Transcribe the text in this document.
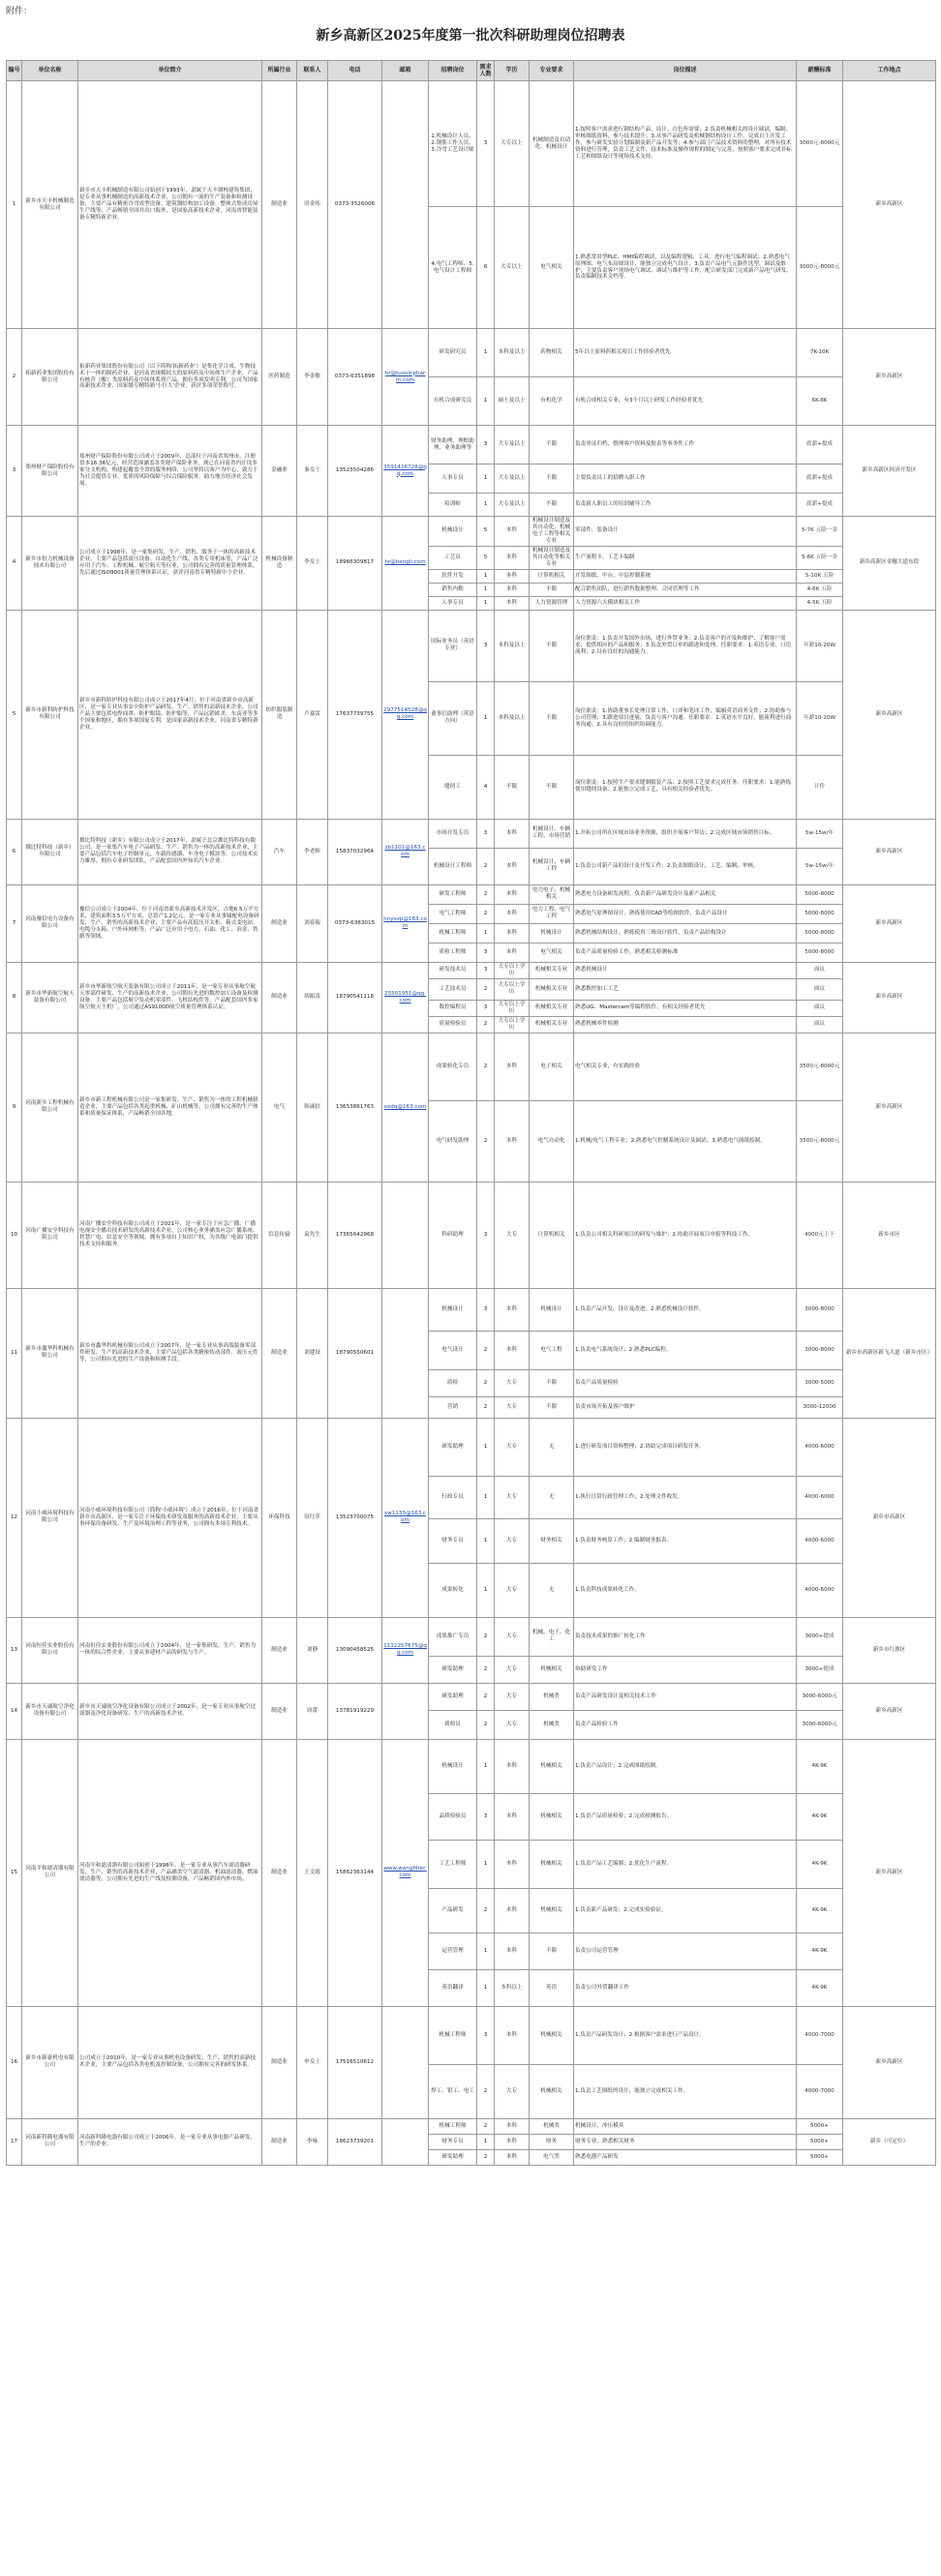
附件：
新乡高新区2025年度第一批次科研助理岗位招聘表
编号	单位名称	单位简介	所属行业	联系人	电话	邮箱	招聘岗位	需求人数	学历	专业要求	岗位描述	薪酬标准	工作地点
1	新乡市天丰机械制造有限公司	新乡市天丰机械制造有限公司始创于1993年，隶属于天丰钢构建筑集团，是专业从事机械制造的高新技术企业，公司拥有一流的生产装备和检测设备，主要产品有精密冷弯成型设备、建筑钢结构加工设备、整体式集成房屋生产线等，产品畅销全国并出口海外，是国家高新技术企业，河南省智能装备专精特新企业。	制造业	田金伟	0373-3526006		1.机械设计人员、2.钢筋工作人员、3.冷弯工艺设计师	3	大专以上	机械制造及自动化、机械设计	1.按照客户需求进行钢结构产品、设计、白色所需要；2.负责机械相关的设计调试，编制、审核图纸资料，参与技术提升；3.从事产品研发及机械钢结构设计工作，完成自主开发工作，参与研发实验计划编制及新产品开发等；4.参与部门产品技术资料的整理，对所有技术资料进行管理，负责工艺文件、技术标准及操作规程的制定与完善，按照客户要求完成非标工艺和图纸设计等现场技术支持。	3000元-8000元	新乡高新区
							4.电气工程师、5.电气设计工程师	6	大专以上	电气相关	1.熟悉常用型PLC、HMI编程调试，以及编程逻辑、工具，进行电气编程调试；2.熟悉电气原理图、电气布局图设计，能独立完成电气设计；3.负责产品电气元器件选型、调试及维护，主要负责客户现场电气调试、调试与维护等工作，配合研发部门完成新产品电气研发、负责编制技术文档等。	3000元-8000元	
2	拓新药业集团股份有限公司	拓新药业集团股份有限公司（以下简称'拓新药业'）是集化学合成、生物技术于一体的制药企业，是河南省规模较大的原料药及中间体生产企业，产品有核苷（酸）类原料药及中间体系列产品，拥有多项发明专利，公司为国家高新技术企业、国家级专精特新'小巨人'企业，获评多项荣誉称号。	医药制造	李金敏	0373-6351898	hr@tuoxinpharm.com	研发研究员	1	本科及以上	药物相关	5年以上原料药相关项目工作经验者优先	7K-10K	新乡高新区
							有机合成研究员	1	硕士及以上	有机化学	有机合成相关专业，有3个月以上研发工作经验者优先	6K-8K	
3	郑州财产保险股份有限公司	郑州财产保险股份有限公司成立于2009年，总部位于河南省郑州市，注册资本16.36亿元，经营范围涵盖各类财产保险业务，现已在河南省内开设多家分支机构，构建起覆盖全省的服务网络，公司坚持以客户为中心，致力于为社会提供专业、优质的风险保障与综合保险服务，助力地方经济社会发展。	金融业	秦女士	13523504286	3591426728@qq.com	财务助理、理赔助理、业务助理等	3	大专及以上	不限	负责单证归档、整理客户资料及报表等事务性工作	底薪+提成	新乡高新区经济开发区
							人事专员	1	大专及以上	不限	主要负责员工的招聘入职工作	底薪+提成	
							培训师	1	大专及以上	不限	负责新人职员工的培训辅导工作	底薪+提成	
4	新乡市恒力机械设备技术有限公司	公司成立于1998年，是一家集研发、生产、销售、服务于一体的高新技术企业，主要产品包括液压设备、自动化生产线、各类专用机床等，产品广泛应用于汽车、工程机械、航空航天等行业，公司拥有完善的质量管理体系，先后通过ISO9001质量管理体系认证，获评河南省专精特新中小企业。	机械设备制造	李女士	18966309817	hr@hengli.com	机械设计	5	本科	机械设计制造及其自动化、机械电子工程等相关专业	零部件、装备设计	5-7K 五险一金	新乡高新区金穗大道东段
							工艺员	5	本科	机械设计制造及其自动化等相关专业	生产流程卡、工艺卡编制	5-6K 五险一金	
							软件开发	1	本科	计算机相关	开发图纸、中台、中层控制系统	5-10K 五险	
							销售内勤	1	本科	不限	配合销售团队，进行销售数据整理、合同管理等工作	4-6K 五险	
							人事专员	1	本科	人力资源管理	人力资源六大模块相关工作	4-5K 五险	
5	新乡市新科防护科技有限公司	新乡市新科防护科技有限公司成立于2017年4月，位于河南省新乡市高新区，是一家专业从事安全防护产品研发、生产、销售的高新技术企业，公司产品主要包括电焊面罩、防护眼镜、防护服等，产品远销欧美、东南亚等多个国家和地区，拥有多项国家专利，是国家高新技术企业、河南省专精特新企业。	纺织服装制造	卢嘉雷	17637739755	2977514528@qq.com	国际业务员（英语专业）	3	本科及以上	不限	岗位职责：1.负责开发国外市场，进行外贸业务；2.负责客户的开发和维护；了解客户需求，提供相应的产品和服务；3.负责外贸订单的跟进和处理。任职要求：1.英语专业，口语流利；2.具有良好的沟通能力。	年薪10-20W	新乡高新区
							董事长助理（英语方向）	1	本科及以上	不限	岗位职责：1.协助董事长处理日常工作，口译和笔译工作，编辑英语商务文件；2.协助参与公司管理；3.跟进项目进展，负责与客户沟通。任职要求：1.英语水平良好，能流利进行商务沟通；2.具有良好的组织协调能力。	年薪10-20W	
							缝纫工	4	不限	不限	岗位职责：1.按照生产要求缝制服装产品；2.按照工艺要求完成任务。任职要求：1.能熟练使用缝纫设备；2.能独立完成工艺，具有相关经验者优先。	计件	
6	撰比特科技（新乡）有限公司	撰比特科技（新乡）有限公司成立于2017年，隶属于北京撰比特科技有限公司，是一家集汽车电子产品研发、生产、销售为一体的高新技术企业，主要产品包括汽车电子控制单元、车载传感器、车身电子模块等，公司技术实力雄厚，拥有专业研发团队，产品配套国内外知名汽车企业。	汽车	李老师	15837032964	zb1101@163.com	市场开发专员	3	本科	机械设计、车辆工程、市场营销	1.开拓公司所在区域市场业务资源，组织开展客户拜访；2.完成区域市场销售目标。	5w-15w/年	新乡高新区
							机械设计工程师	2	本科	机械设计、车辆工程	1.负责公司新产品的设计及开发工作；2.负责图纸设计，工艺、编制、审核。	5w-15w/年	
7	河南豫信电力设备有限公司	豫信公司成立于2004年，位于河南省新乡高新技术开发区，占地6.5万平方米，建筑面积3.5万平方米，总资产1.2亿元，是一家专业从事输配电设备研发、生产、销售的高新技术企业，主要产品有高低压开关柜、箱式变电站、电缆分支箱、户外环网柜等，产品广泛应用于电力、石油、化工、冶金、铁路等领域。	制造业	刘春瑞	0373-6383015	hnyxzp@163.com	研发工程师	2	本科	电力电子、机械相关	熟悉电力设备研发流程，负责新产品研发设计及新产品相关	5000-8000	新乡高新区
							电气工程师	2	本科	电力工程、电气工程	熟悉电气原理图设计，熟练使用CAD等绘图软件，负责产品设计	5000-8000	
							机械工程师	1	本科	机械设计	熟悉机械结构设计，熟练使用三维设计软件，负责产品结构设计	5000-8000	
							质检工程师	3	本科	电气相关	负责产品质量检验工作，熟悉相关检测标准	5000-8000	
8	新乡市华新航空航天装备有限公司	新乡市华新航空航天装备有限公司成立于2011年，是一家专业从事航空航天零部件研发、生产的高新技术企业，公司拥有先进的数控加工设备及检测设备，主要产品包括航空发动机零部件、飞机结构件等，产品配套国内多家航空航天主机厂，公司通过AS9100D航空质量管理体系认证。	制造业	胡振涛	18790541118	25501951@qq.com	研发技术员	3	大专以上学历	机械相关专业	熟悉机械设计	面议	新乡高新区
							工艺技术员	2	大专以上学历	机械相关专业	熟悉数控加工工艺	面议	
							数控编程员	3	大专以上学历	机械相关专业	熟悉UG、Mastercam等编程软件，有相关经验者优先	面议	
							质量检验员	2	大专以上学历	机械相关专业	熟悉机械零件检测	面议	
9	河南新乡工程机械有限公司	新乡市新工程机械有限公司是一家集研发、生产、销售为一体的工程机械制造企业，主要产品包括各类起重机械、矿山机械等，公司拥有完善的生产体系和质量保证体系，产品畅销全国各地。	电气	韩诚信	13653861763	xxdq@163.com	成果转化专员	2	本科	电子相关	电气相关专业，有实践经验	3500元-8000元	新乡高新区
							电气研发助理	2	本科	电气自动化	1.机械/电气工程专业；2.熟悉电气控制系统设计及调试；3.熟悉电气图纸绘制。	3500元-8000元	
10	河南广播安全科技有限公司	河南广播安全科技有限公司成立于2021年，是一家专注于应急广播、广播电视安全播出技术研发的高新技术企业，公司核心业务涵盖应急广播系统、智慧广电、信息安全等领域，拥有多项自主知识产权，为各级广电部门提供技术支持和服务。	信息传输	袁先生	17365642968		科研助理	3	大专	计算机相关	1.负责公司相关科研项目的研发与维护；2.协助开展项目申报等科技工作。	4000元上下	新乡市区
11	新乡市鑫华科机械有限公司	新乡市鑫华科机械有限公司成立于2007年，是一家专业从事高端装备零部件研发、生产的高新技术企业，主要产品包括各类精密传动部件、液压元件等，公司拥有先进的生产设备和检测手段。	制造业	刘建设	18790550601		机械设计	3	本科	机械设计	1.负责产品开发、设计及改进；2.熟悉机械设计软件。	3000-8000	新乡市高新区新飞大道（新乡市区）
							电气设计	2	本科	电气工程	1.负责电气系统设计；2.熟悉PLC编程。	3000-8000	
							质检	2	大专	不限	负责产品质量检验	3000-5000	
							营销	2	大专	不限	负责市场开拓及客户维护	3000-12000	
12	河南小威环境科技有限公司	河南小威环境科技有限公司（简称'小威环境'）成立于2016年，位于河南省新乡市高新区，是一家专注于环保技术研发及服务的高新技术企业，主要从事环保设备研发、生产及环境治理工程等业务，公司拥有多项专利技术。	环保科技	田红萍	13523700075	xw1133@163.com	研发助理	1	大专	无	1.进行研发项目资料整理；2.协助完成项目研发任务。	4000-6000	新乡市高新区
							行政专员	1	大专	无	1.执行日常行政管理工作；2.处理文件收发。	4000-6000	
							财务专员	1	大专	财务相关	1.负责财务核算工作；2.编制财务报表。	4000-6000	
							成果转化	1	大专	无	1.负责科技成果转化工作。	4000-6000	
13	河南恒佳实业股份有限公司	河南恒佳实业股份有限公司成立于2004年，是一家集研发、生产、销售为一体的综合性企业，主要从事建材产品的研发与生产。	制造业	刘静	13090458525	1132257675@qq.com	成果推广专员	2	大专	机械、电子、化工	负责技术成果的推广转化工作	3000+提成	新乡市红旗区
							研发助理	2	大专	机械相关	协助研发工作	3000+提成	
14	新乡市天诚航空净化设备有限公司	新乡市天诚航空净化设备有限公司成立于2002年，是一家专业从事航空过滤器及净化设备研发、生产的高新技术企业。	制造业	周蕾	13781919229		研发助理	2	大专	机械类	负责产品研发设计及相关技术工作	3000-6000元	新乡高新区
							质检员	2	大专	机械类	负责产品检验工作	3000-6000元	
15	河南平和滤清器有限公司	河南平和滤清器有限公司始创于1998年，是一家专业从事汽车滤清器研发、生产、销售的高新技术企业，产品涵盖空气滤清器、机油滤清器、燃油滤清器等，公司拥有先进的生产线及检测设备，产品畅销国内外市场。	制造业	王文霞	15862363144	www.wangfilter.com	机械设计	1	本科	机械相关	1.负责产品设计；2.完成图纸绘制。	4K-9K	新乡高新区
							品质检验员	3	本科	机械相关	1.负责产品质量检验；2.完成检测报告。	4K-9K	
							工艺工程师	1	本科	机械相关	1.负责产品工艺编制；2.优化生产流程。	4K-9K	
							产品研发	2	本科	机械相关	1.负责新产品研发；2.完成实验验证。	4K-9K	
							运营管理	1	本科	不限	负责公司运营管理	4K-9K	
							英语翻译	1	本科以上	英语	负责公司外贸翻译工作	4K-9K	
16	新乡市新豪机电有限公司	公司成立于2010年，是一家专业从事机电设备研发、生产、销售的高新技术企业，主要产品包括各类电机及控制设备，公司拥有完善的研发体系。	制造业	申女士	17516510612		机械工程师	3	本科	机械相关	1.负责产品研发设计；2.根据客户需求进行产品设计。	4000-7000	新乡高新区
							焊工、钳工、电工	2	大专	机械相关	1.负责工艺图纸的设计，能独立完成相关工作。	4000-7000	
17	河南新科隆电器有限公司	河南新科隆电器有限公司成立于2006年，是一家专业从事电器产品研发、生产的企业。	制造业	李咏	18623739201		机械工程师	2	本科	机械类	机械设计、冲压模具	5000+	新乡（可定位）
							财务专员	1	本科	财务	财务专业，熟悉相关财务	5000+	
							研发助理	2	本科	电气类	熟悉电器产品研发	5000+	
